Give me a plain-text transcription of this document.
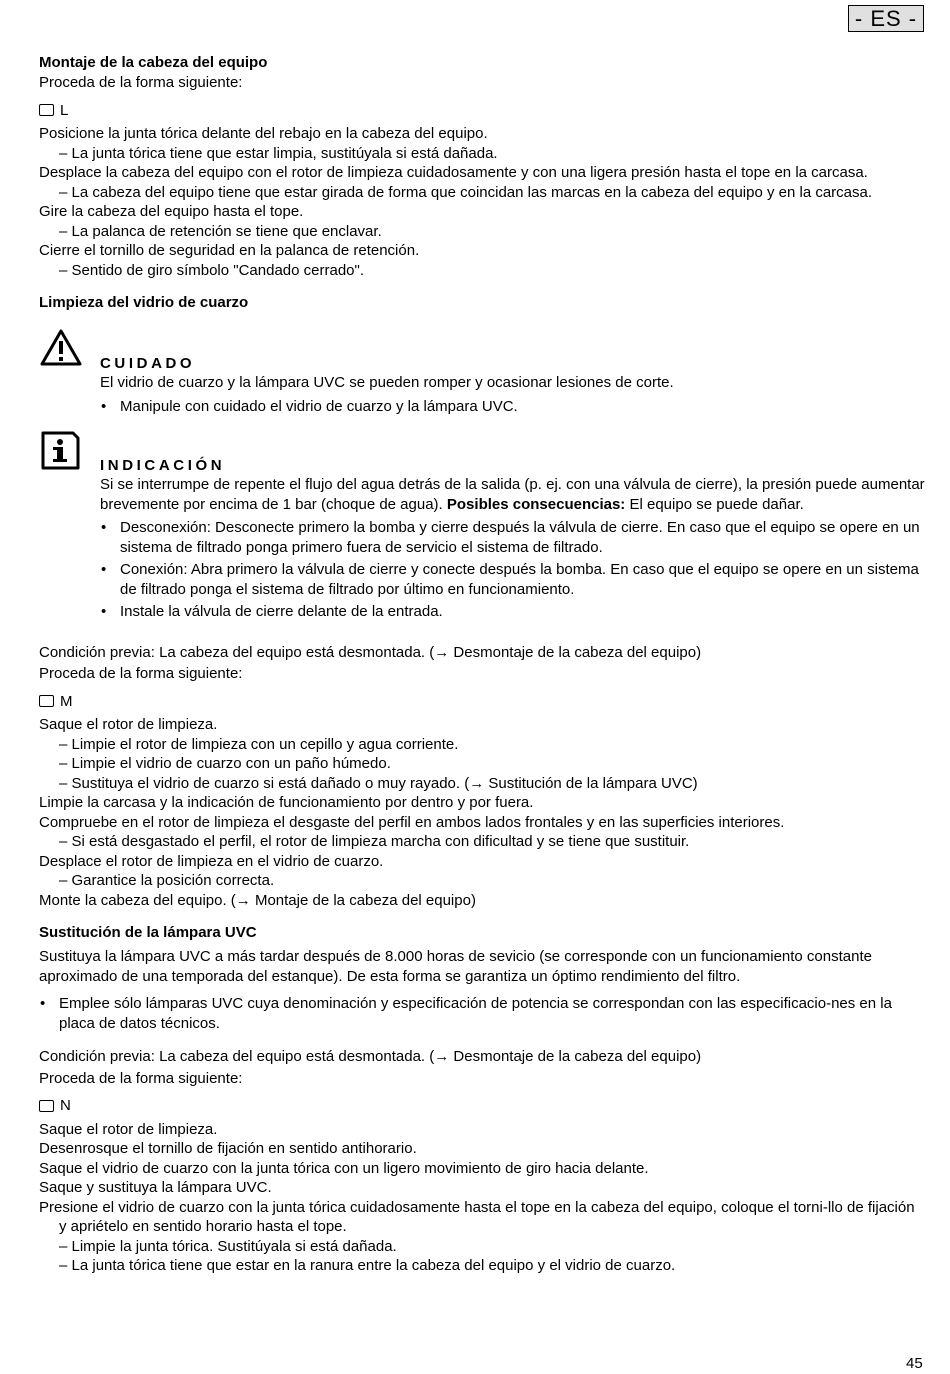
- ES -
Montaje de la cabeza del equipo

Proceda de la forma siguiente:

L

Posicione la junta tórica delante del rebajo en la cabeza del equipo.

– La junta tórica tiene que estar limpia, sustitúyala si está dañada.

Desplace la cabeza del equipo con el rotor de limpieza cuidadosamente y con una ligera presión hasta el tope en la carcasa.

– La cabeza del equipo tiene que estar girada de forma que coincidan las marcas en la cabeza del equipo y en la carcasa.

Gire la cabeza del equipo hasta el tope.

– La palanca de retención se tiene que enclavar.

Cierre el tornillo de seguridad en la palanca de retención.

– Sentido de giro símbolo "Candado cerrado".

Limpieza del vidrio de cuarzo
CUIDADO

El vidrio de cuarzo y la lámpara UVC se pueden romper y ocasionar lesiones de corte.

• Manipule con cuidado el vidrio de cuarzo y la lámpara UVC.
INDICACIÓN

Si se interrumpe de repente el flujo del agua detrás de la salida (p. ej. con una válvula de cierre), la presión puede aumentar brevemente por encima de 1 bar (choque de agua). Posibles consecuencias: El equipo se puede dañar.

• Desconexión: Desconecte primero la bomba y cierre después la válvula de cierre. En caso que el equipo se opere en un sistema de filtrado ponga primero fuera de servicio el sistema de filtrado.
• Conexión: Abra primero la válvula de cierre y conecte después la bomba. En caso que el equipo se opere en un sistema de filtrado ponga el sistema de filtrado por último en funcionamiento.
• Instale la válvula de cierre delante de la entrada.

Condición previa: La cabeza del equipo está desmontada. (→ Desmontaje de la cabeza del equipo)

Proceda de la forma siguiente:

M

Saque el rotor de limpieza.

– Limpie el rotor de limpieza con un cepillo y agua corriente.

– Limpie el vidrio de cuarzo con un paño húmedo.

– Sustituya el vidrio de cuarzo si está dañado o muy rayado. (→ Sustitución de la lámpara UVC)

Limpie la carcasa y la indicación de funcionamiento por dentro y por fuera.

Compruebe en el rotor de limpieza el desgaste del perfil en ambos lados frontales y en las superficies interiores.

– Si está desgastado el perfil, el rotor de limpieza marcha con dificultad y se tiene que sustituir.

Desplace el rotor de limpieza en el vidrio de cuarzo.

– Garantice la posición correcta.

Monte la cabeza del equipo. (→ Montaje de la cabeza del equipo)

Sustitución de la lámpara UVC

Sustituya la lámpara UVC a más tardar después de 8.000 horas de sevicio (se corresponde con un funcionamiento constante aproximado de una temporada del estanque). De esta forma se garantiza un óptimo rendimiento del filtro.

• Emplee sólo lámparas UVC cuya denominación y especificación de potencia se correspondan con las especificacio-nes en la placa de datos técnicos.

Condición previa: La cabeza del equipo está desmontada. (→ Desmontaje de la cabeza del equipo)

Proceda de la forma siguiente:

N

Saque el rotor de limpieza.

Desenrosque el tornillo de fijación en sentido antihorario.

Saque el vidrio de cuarzo con la junta tórica con un ligero movimiento de giro hacia delante.

Saque y sustituya la lámpara UVC.

Presione el vidrio de cuarzo con la junta tórica cuidadosamente hasta el tope en la cabeza del equipo, coloque el torni-llo de fijación y apriételo en sentido horario hasta el tope.

– Limpie la junta tórica. Sustitúyala si está dañada.

– La junta tórica tiene que estar en la ranura entre la cabeza del equipo y el vidrio de cuarzo.

45
